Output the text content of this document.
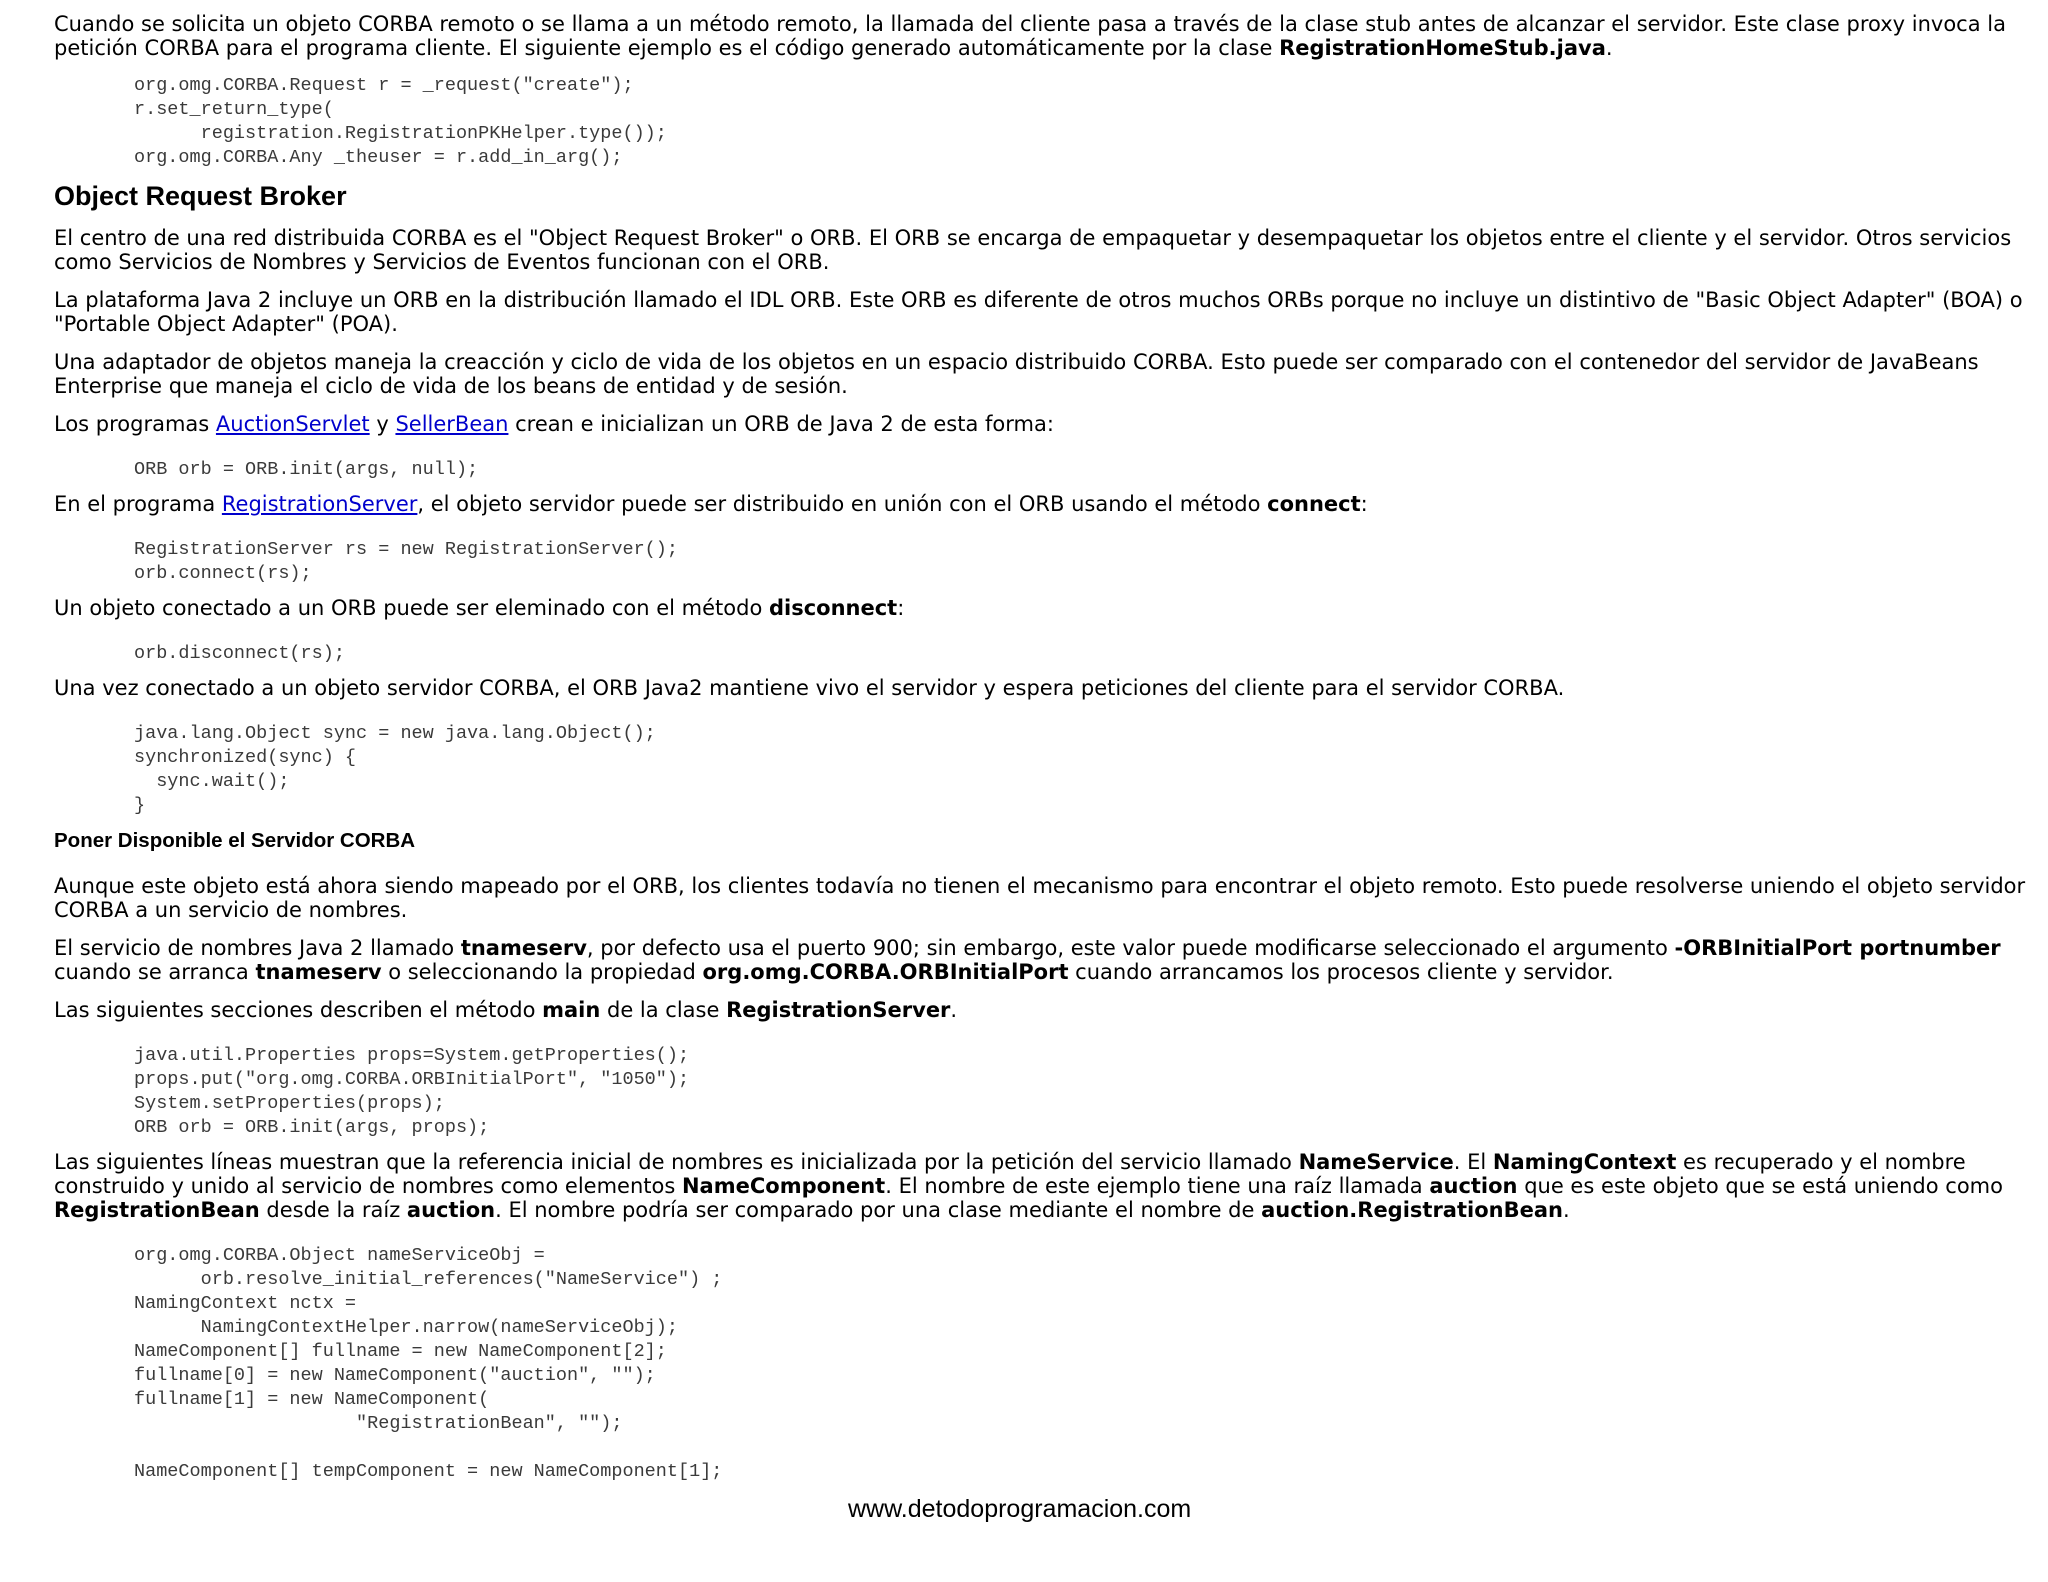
Cuando se solicita un objeto CORBA remoto o se llama a un método remoto, la llamada del cliente pasa a través de la clase stub antes de alcanzar el servidor. Este clase proxy invoca la petición CORBA para el programa cliente. El siguiente ejemplo es el código generado automáticamente por la clase RegistrationHomeStub.java.

org.omg.CORBA.Request r = _request("create");
r.set_return_type(
registration.RegistrationPKHelper.type());
org.omg.CORBA.Any _theuser = r.add_in_arg();
Object Request Broker

El centro de una red distribuida CORBA es el "Object Request Broker" o ORB. El ORB se encarga de empaquetar y desempaquetar los objetos entre el cliente y el servidor. Otros servicios como Servicios de Nombres y Servicios de Eventos funcionan con el ORB.

La plataforma Java 2 incluye un ORB en la distribución llamado el IDL ORB. Este ORB es diferente de otros muchos ORBs porque no incluye un distintivo de "Basic Object Adapter" (BOA) o "Portable Object Adapter" (POA).

Una adaptador de objetos maneja la creacción y ciclo de vida de los objetos en un espacio distribuido CORBA. Esto puede ser comparado con el contenedor del servidor de JavaBeans Enterprise que maneja el ciclo de vida de los beans de entidad y de sesión.

Los programas AuctionServlet y SellerBean crean e inicializan un ORB de Java 2 de esta forma:

ORB orb = ORB.init(args, null);

En el programa RegistrationServer, el objeto servidor puede ser distribuido en unión con el ORB usando el método connect:

RegistrationServer rs = new RegistrationServer();
orb.connect(rs);

Un objeto conectado a un ORB puede ser eleminado con el método disconnect:

orb.disconnect(rs);

Una vez conectado a un objeto servidor CORBA, el ORB Java2 mantiene vivo el servidor y espera peticiones del cliente para el servidor CORBA.

java.lang.Object sync = new java.lang.Object();
synchronized(sync) {
sync.wait();
}
Poner Disponible el Servidor CORBA

Aunque este objeto está ahora siendo mapeado por el ORB, los clientes todavía no tienen el mecanismo para encontrar el objeto remoto. Esto puede resolverse uniendo el objeto servidor CORBA a un servicio de nombres.

El servicio de nombres Java 2 llamado tnameserv, por defecto usa el puerto 900; sin embargo, este valor puede modificarse seleccionado el argumento -ORBInitialPort portnumber cuando se arranca tnameserv o seleccionando la propiedad org.omg.CORBA.ORBInitialPort cuando arrancamos los procesos cliente y servidor.

Las siguientes secciones describen el método main de la clase RegistrationServer.

java.util.Properties props=System.getProperties();
props.put("org.omg.CORBA.ORBInitialPort", "1050");
System.setProperties(props);
ORB orb = ORB.init(args, props);

Las siguientes líneas muestran que la referencia inicial de nombres es inicializada por la petición del servicio llamado NameService. El NamingContext es recuperado y el nombre construido y unido al servicio de nombres como elementos NameComponent. El nombre de este ejemplo tiene una raíz llamada auction que es este objeto que se está uniendo como RegistrationBean desde la raíz auction. El nombre podría ser comparado por una clase mediante el nombre de auction.RegistrationBean.

org.omg.CORBA.Object nameServiceObj =
orb.resolve_initial_references("NameService") ;
NamingContext nctx =
NamingContextHelper.narrow(nameServiceObj);
NameComponent[] fullname = new NameComponent[2];
fullname[0] = new NameComponent("auction", "");
fullname[1] = new NameComponent(
"RegistrationBean", "");

NameComponent[] tempComponent = new NameComponent[1];
www.detodoprogramacion.com
